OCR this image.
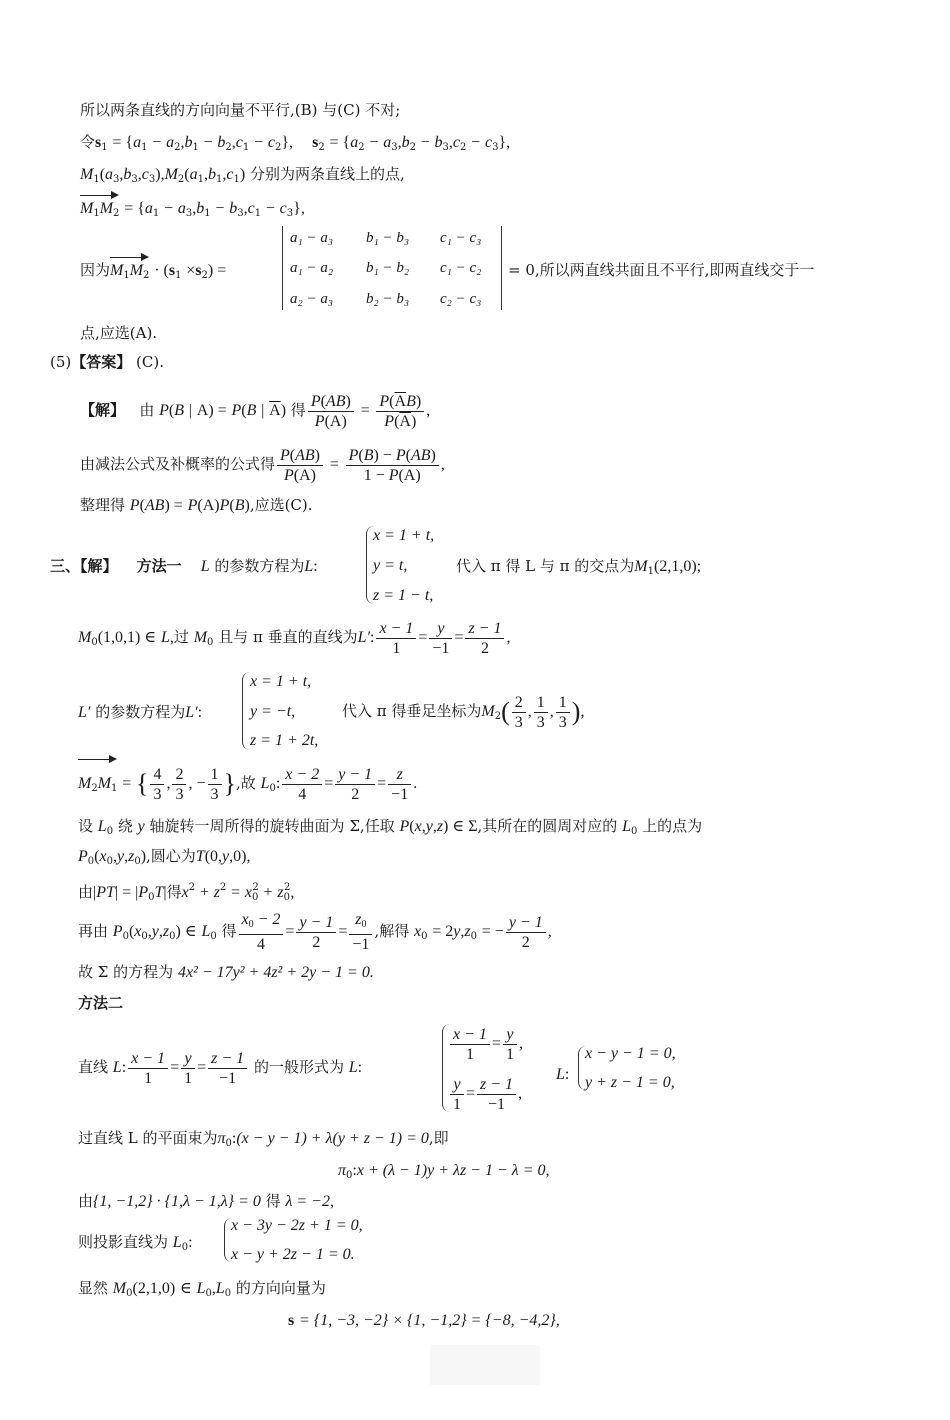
所以两条直线的方向向量不平行,(B) 与(C) 不对;
令$s_1 = \{a_1 - a_2,b_1 - b_2,c_1 - c_2\}$, $s_2 = \{a_2 - a_3,b_2 - b_3,c_2 - c_3\}$,
$M_1(a_3,b_3,c_3),M_2(a_1,b_1,c_1)$ 分别为两条直线上的点,
$M_1M_2 = \{a_1 - a_3,b_1 - b_3,c_1 - c_3\}$,
因为$M_1M_2 \cdot (s_1 \times s_2)$ =
a₁ − a₃ b₁ − b₃ c₁ − c₃
a₁ − a₂ b₁ − b₂ c₁ − c₂
a₂ − a₃ b₂ − b₃ c₂ − c₃
= 0,所以两直线共面且不平行,即两直线交于一
点,应选(A).
(5)【答案】 (C).
【解】 由 P(B | A) = P(B | $\overline{A}$) 得 $\frac{P(AB)}{P(A)} = \frac{P(\overline{A}B)}{P(\overline{A})}$ ,
由减法公式及补概率的公式得 $\frac{P(AB)}{P(A)} = \frac{P(B) - P(AB)}{1 - P(A)}$ ,
整理得 P(AB) = P(A)P(B),应选(C).
x = 1 + t,
y = t,
z = 1 − t,
三、【解】 方法一 L 的参数方程为L:	代入 π 得 L 与 π 的交点为$M_1(2,1,0)$;
$M_0(1,0,1)$ ∈ L,过 $M_0$ 且与 π 垂直的直线为L′: $\frac{x - 1}{1} = \frac{y}{-1} = \frac{z - 1}{2}$ ,
x = 1 + t,
y = −t,
z = 1 + 2t,
L′ 的参数方程为L′:	代入 π 得垂足坐标为$M_2( \frac{2}{3}$ , $\frac{1}{3}$ , $\frac{1}{3}$ ),
$M_2M_1$ = { $\frac{4}{3}$ , $\frac{2}{3}$ , − $\frac{1}{3}$ },故 $L_0$: $\frac{x - 2}{4} = \frac{y - 1}{2} = \frac{z}{-1}$ .
设 $L_0$ 绕 y 轴旋转一周所得的旋转曲面为 Σ,任取 P(x,y,z) ∈ Σ,其所在的圆周对应的 $L_0$ 上的点为
$P_0(x_0,y,z_0)$,圆心为T(0,y,0),
由$|PT| = |P_0T|$得$x^2 + z^2 = x_0^2 + z_0^2$,
再由 $P_0(x_0,y,z_0)$ ∈ $L_0$ 得 $\frac{x_0 - 2}{4} = \frac{y - 1}{2} = \frac{z_0}{-1}$ ,解得 $x_0 = 2y,z_0$ = − $\frac{y - 1}{2}$ ,
故 Σ 的方程为 4x² − 17y² + 4z² + 2y − 1 = 0.
方法二
直线 L: $\frac{x - 1}{1} = \frac{y}{1} = \frac{z - 1}{-1}$ 的一般形式为 L:
$\frac{x - 1}{1} = \frac{y}{1}$ ,
$\frac{y}{1} = \frac{z - 1}{-1}$ ,
L:
x − y − 1 = 0,
y + z − 1 = 0,
过直线 L 的平面束为$\pi_0:(x - y - 1) + \lambda(y + z - 1) = 0$,即
$\pi_0:x + (\lambda - 1)y + \lambda z - 1 - \lambda = 0$,
由{1, −1,2} · {1,λ − 1,λ} = 0 得 λ = −2,
x − 3y − 2z + 1 = 0,
x − y + 2z − 1 = 0.
则投影直线为 $L_0$:
显然 $M_0(2,1,0)$ ∈ $L_0,L_0$ 的方向向量为
s = {1, −3, −2} × {1, −1,2} = {−8, −4,2},
